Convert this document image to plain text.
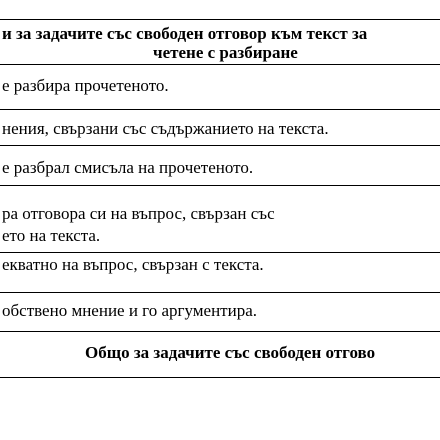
и за задачите със свободен отговор към текст за
четене с разбиране
е разбира прочетеното.
нения, свързани със съдържанието на текста.
е разбрал смисъла на прочетеното.
ра отговора си на въпрос, свързан със
ето на текста.
екватно на въпрос, свързан с текста.
обствено мнение и го аргументира.
Общо за задачите със свободен отгово
